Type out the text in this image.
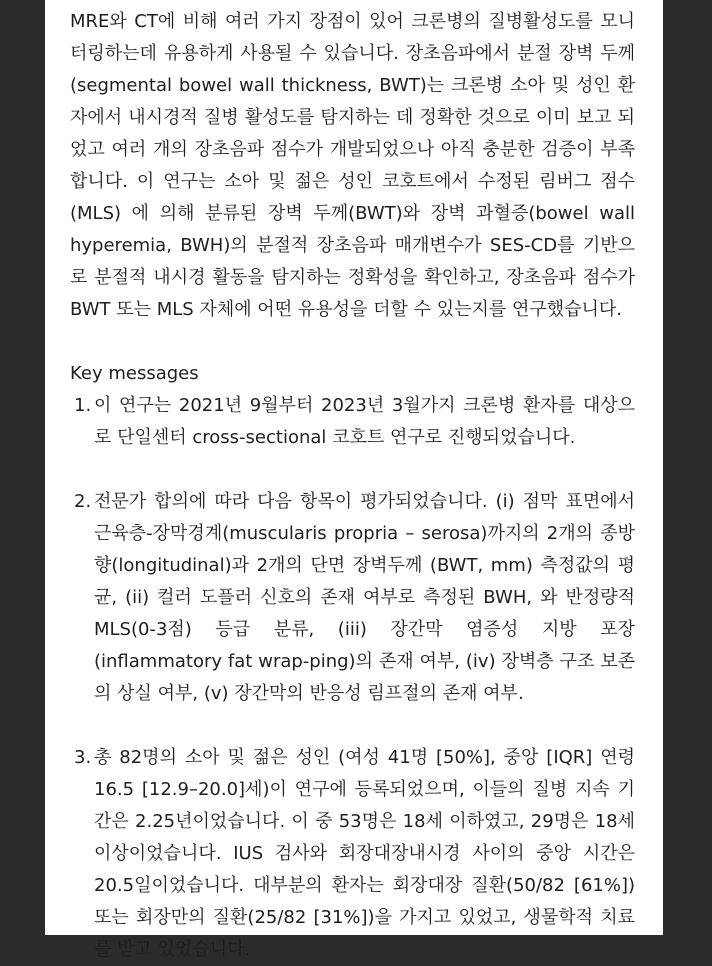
MRE와 CT에 비해 여러 가지 장점이 있어 크론병의 질병활성도를 모니터링하는데 유용하게 사용될 수 있습니다. 장초음파에서 분절 장벽 두께(segmental bowel wall thickness, BWT)는 크론병 소아 및 성인 환자에서 내시경적 질병 활성도를 탐지하는 데 정확한 것으로 이미 보고 되었고 여러 개의 장초음파 점수가 개발되었으나 아직 충분한 검증이 부족합니다. 이 연구는 소아 및 젊은 성인 코호트에서 수정된 림버그 점수(MLS) 에 의해 분류된 장벽 두께(BWT)와 장벽 과혈증(bowel wall hyperemia, BWH)의 분절적 장초음파 매개변수가 SES-CD를 기반으로 분절적 내시경 활동을 탐지하는 정확성을 확인하고, 장초음파 점수가 BWT 또는 MLS 자체에 어떤 유용성을 더할 수 있는지를 연구했습니다.

Key messages

1. 이 연구는 2021년 9월부터 2023년 3월가지 크론병 환자를 대상으로 단일센터 cross-sectional 코호트 연구로 진행되었습니다.
2. 전문가 합의에 따라 다음 항목이 평가되었습니다. (i) 점막 표면에서 근육층-장막경계(muscularis propria – serosa)까지의 2개의 종방향(longitudinal)과 2개의 단면 장벽두께 (BWT, mm) 측정값의 평균, (ii) 컬러 도플러 신호의 존재 여부로 측정된 BWH, 와 반정량적 MLS(0-3점) 등급 분류, (iii) 장간막 염증성 지방 포장 (inflammatory fat wrap-ping)의 존재 여부, (iv) 장벽층 구조 보존의 상실 여부, (v) 장간막의 반응성 림프절의 존재 여부.
3. 총 82명의 소아 및 젊은 성인 (여성 41명 [50%], 중앙 [IQR] 연령 16.5 [12.9–20.0]세)이 연구에 등록되었으며, 이들의 질병 지속 기간은 2.25년이었습니다. 이 중 53명은 18세 이하였고, 29명은 18세 이상이었습니다. IUS 검사와 회장대장내시경 사이의 중앙 시간은 20.5일이었습니다. 대부분의 환자는 회장대장 질환(50/82 [61%]) 또는 회장만의 질환(25/82 [31%])을 가지고 있었고, 생물학적 치료를 받고 있었습니다.
